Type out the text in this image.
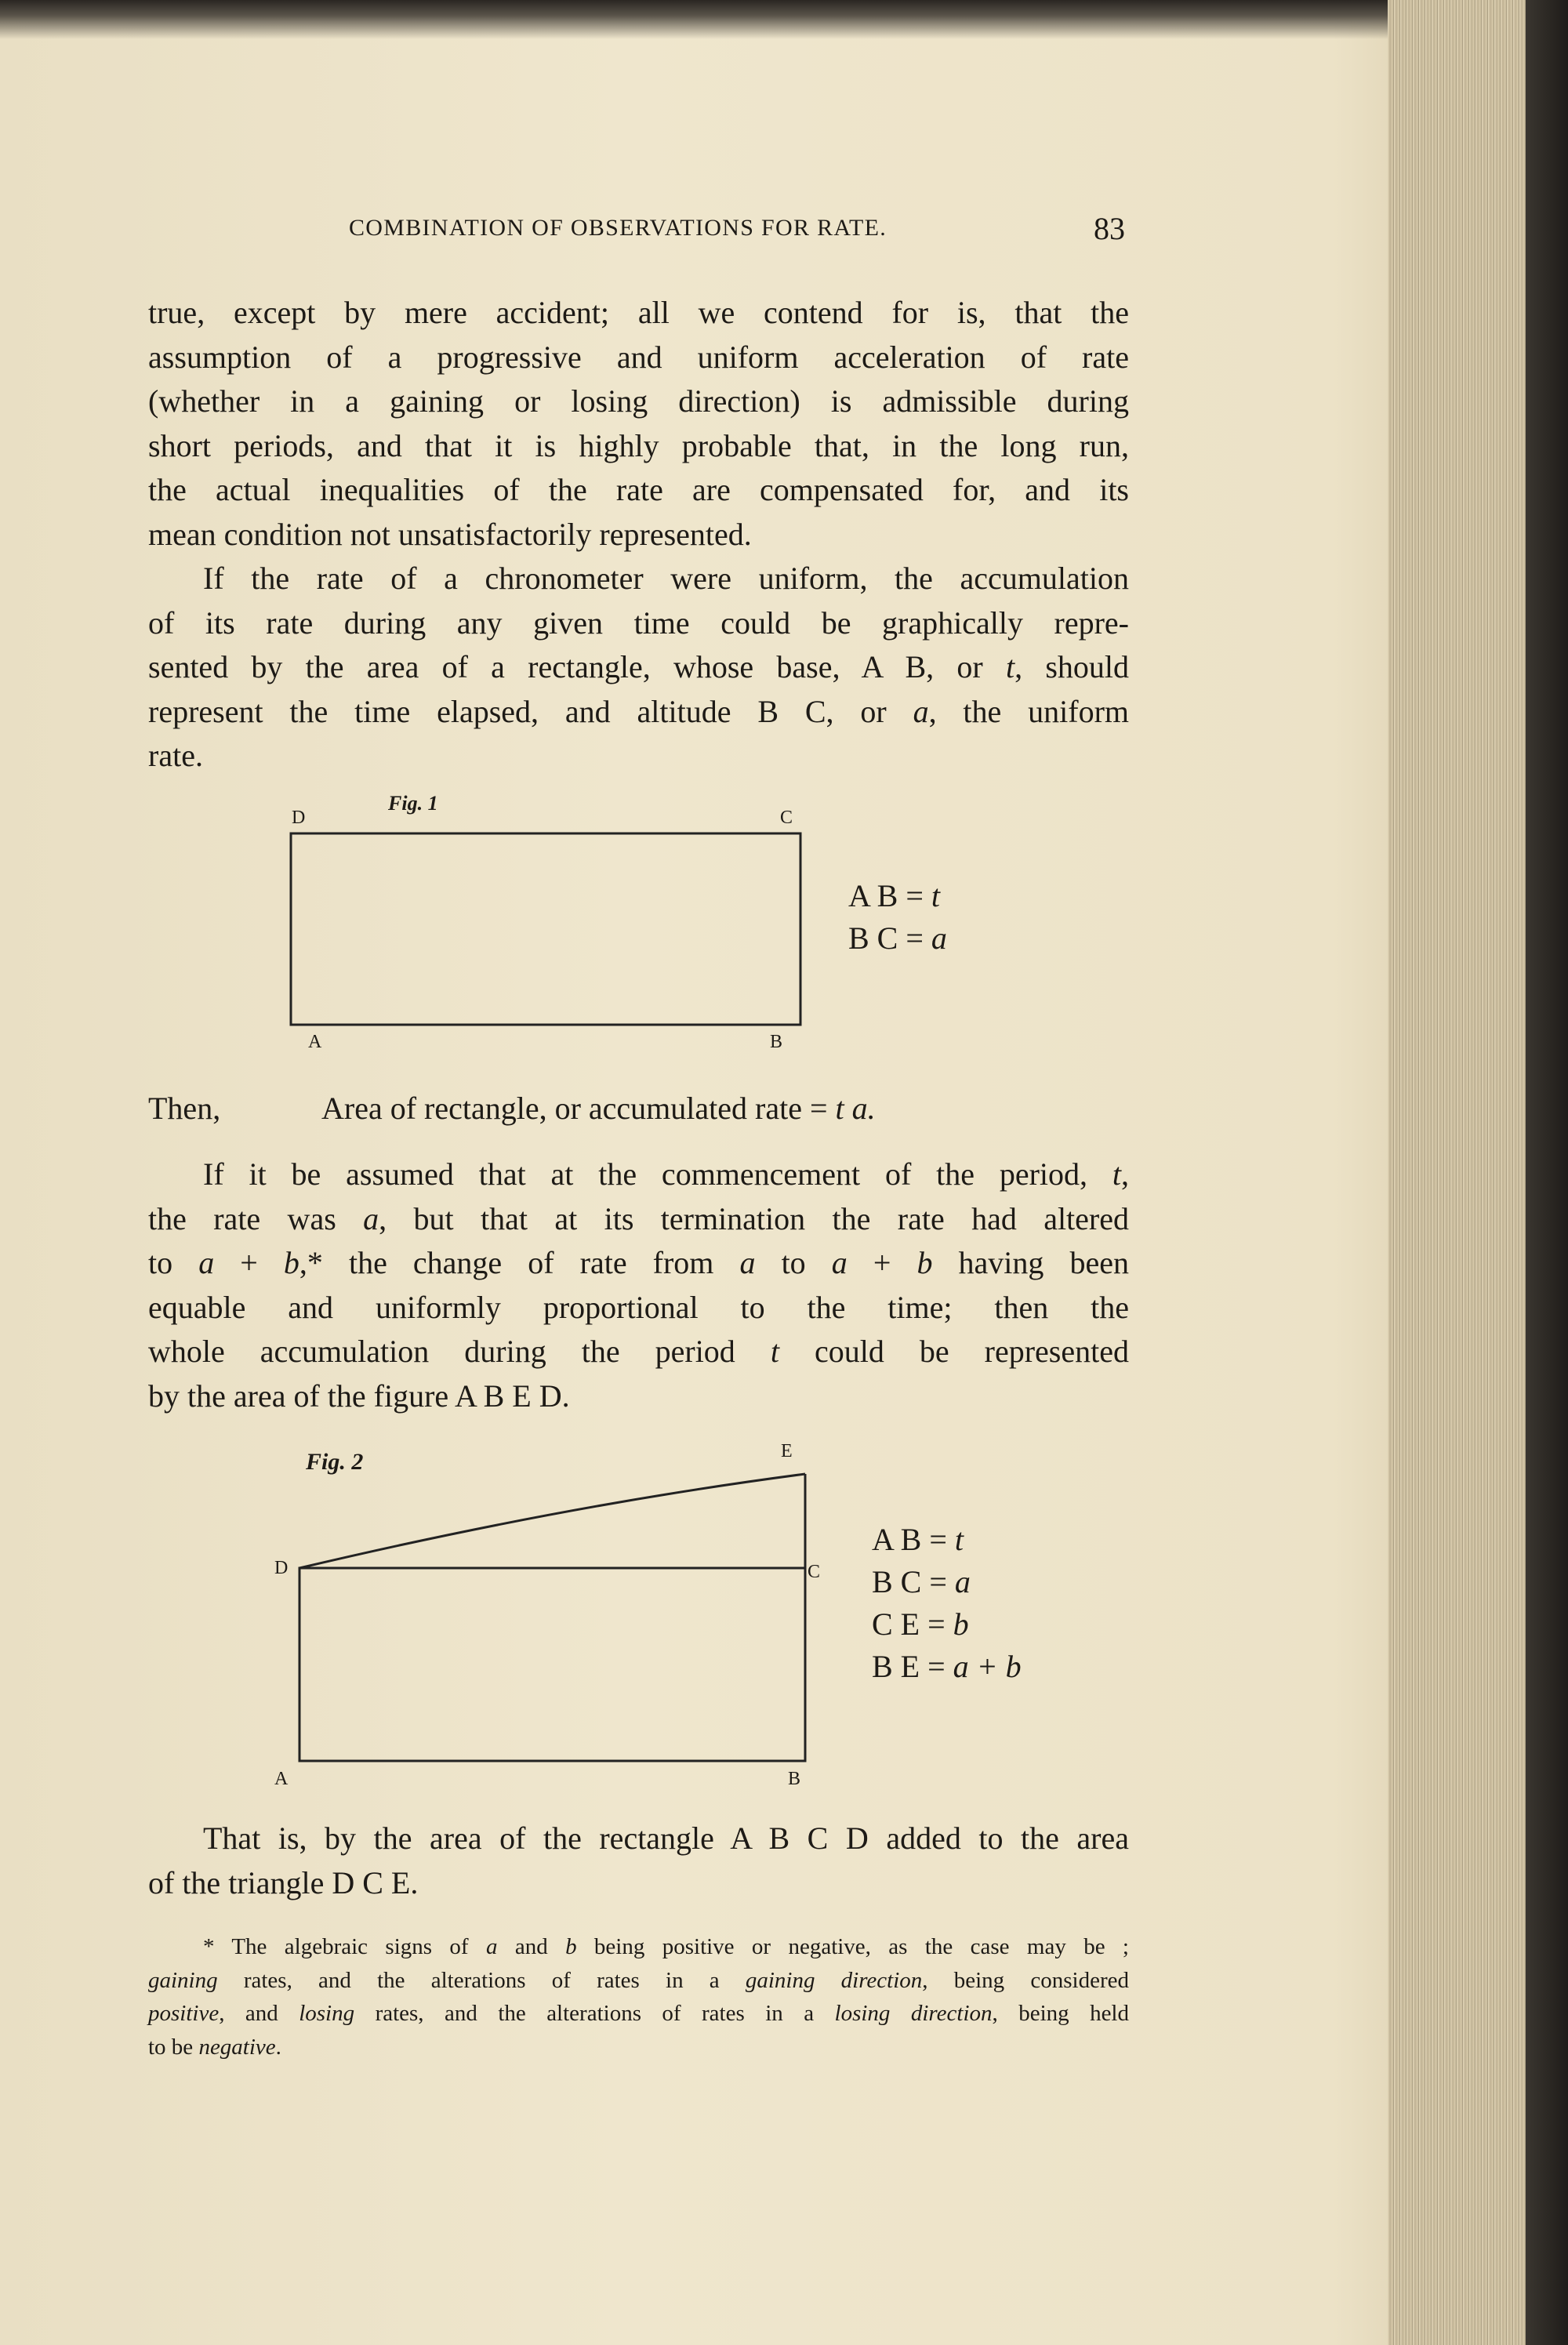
COMBINATION OF OBSERVATIONS FOR RATE.	83
true, except by mere accident; all we contend for is, that the
assumption of a progressive and uniform acceleration of rate
(whether in a gaining or losing direction) is admissible during
short periods, and that it is highly probable that, in the long run,
the actual inequalities of the rate are compensated for, and its
mean condition not unsatisfactorily represented.
If the rate of a chronometer were uniform, the accumulation
of its rate during any given time could be graphically repre-
sented by the area of a rectangle, whose base, A B, or t, should
represent the time elapsed, and altitude B C, or a, the uniform
rate.
Fig. 1
D	C
A	B
A B = t
B C = a
Then,	Area of rectangle, or accumulated rate = t a.
If it be assumed that at the commencement of the period, t,
the rate was a, but that at its termination the rate had altered
to a + b,* the change of rate from a to a + b having been
equable and uniformly proportional to the time; then the
whole accumulation during the period t could be represented
by the area of the figure A B E D.
Fig. 2	E
D	C
A	B
A B = t
B C = a
C E = b
B E = a + b
That is, by the area of the rectangle A B C D added to the area
of the triangle D C E.
* The algebraic signs of a and b being positive or negative, as the case may be ;
gaining rates, and the alterations of rates in a gaining direction, being considered
positive, and losing rates, and the alterations of rates in a losing direction, being held
to be negative.
